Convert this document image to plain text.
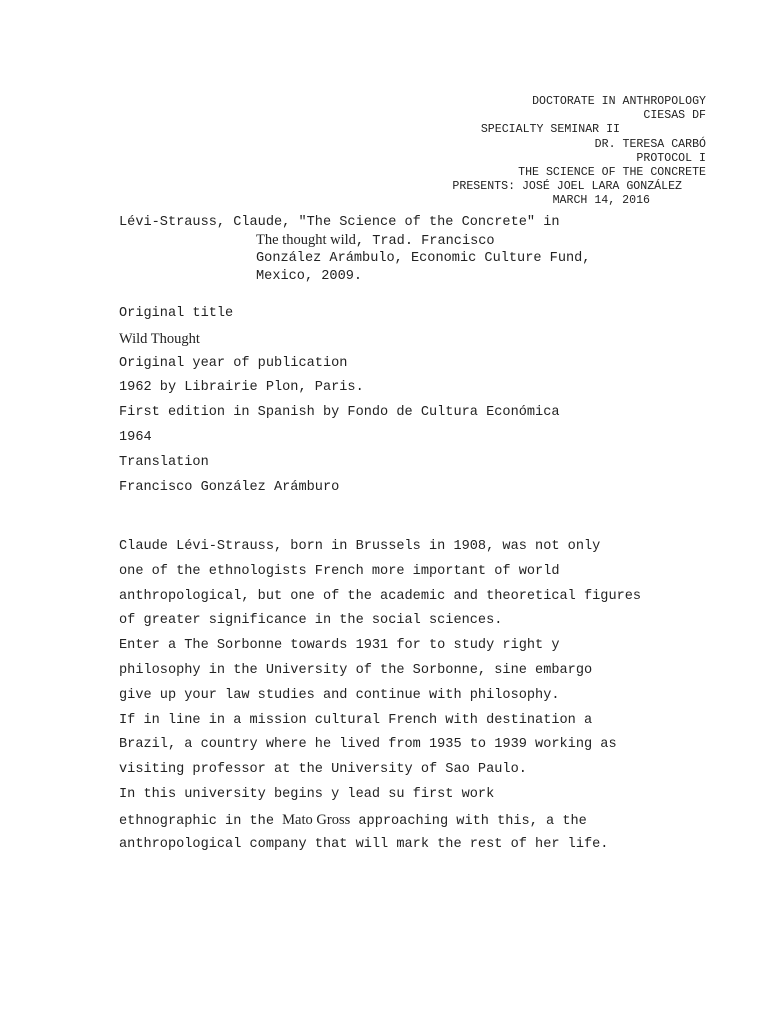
DOCTORATE IN ANTHROPOLOGY
CIESAS DF
SPECIALTY SEMINAR II
DR. TERESA CARBÓ
PROTOCOL I
THE SCIENCE OF THE CONCRETE
PRESENTS: JOSÉ JOEL LARA GONZÁLEZ
MARCH 14, 2016
Lévi-Strauss, Claude, "The Science of the Concrete" in
The thought wild, Trad. Francisco
González Arámbulo, Economic Culture Fund,
Mexico, 2009.
Original title
Wild Thought
Original year of publication
1962 by Librairie Plon, Paris.
First edition in Spanish by Fondo de Cultura Económica
1964
Translation
Francisco González Arámburo
Claude Lévi-Strauss, born in Brussels in 1908, was not only
one of the ethnologists French more important of world
anthropological, but one of the academic and theoretical figures
of greater significance in the social sciences.
Enter a The Sorbonne towards 1931 for to study right y
philosophy in the University of the Sorbonne, sine embargo
give up your law studies and continue with philosophy.
If in line in a mission cultural French with destination a
Brazil, a country where he lived from 1935 to 1939 working as
visiting professor at the University of Sao Paulo.
In this university begins y lead su first work
ethnographic in the Mato Gross approaching with this, a the
anthropological company that will mark the rest of her life.
